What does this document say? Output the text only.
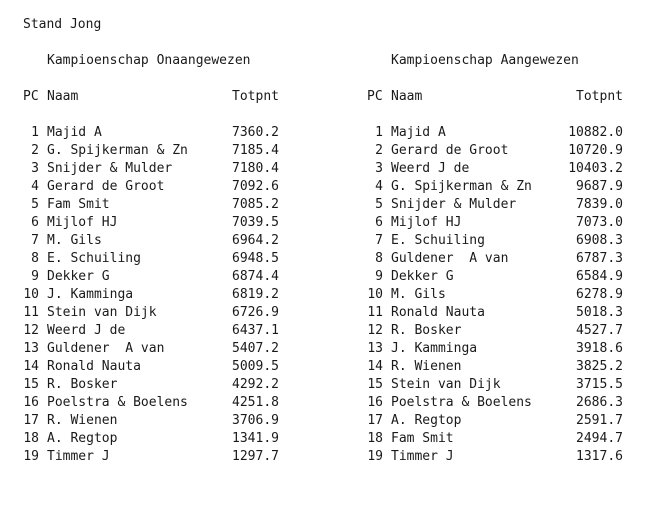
Stand Jong
Kampioenschap Onaangewezen
PC Naam	Totpnt
1 Majid A	7360.2
2 G. Spijkerman & Zn	7185.4
3 Snijder & Mulder	7180.4
4 Gerard de Groot	7092.6
5 Fam Smit	7085.2
6 Mijlof HJ	7039.5
7 M. Gils	6964.2
8 E. Schuiling	6948.5
9 Dekker G	6874.4
10 J. Kamminga	6819.2
11 Stein van Dijk	6726.9
12 Weerd J de	6437.1
13 Guldener  A van	5407.2
14 Ronald Nauta	5009.5
15 R. Bosker	4292.2
16 Poelstra & Boelens	4251.8
17 R. Wienen	3706.9
18 A. Regtop	1341.9
19 Timmer J	1297.7
Kampioenschap Aangewezen
PC Naam	Totpnt
1 Majid A	10882.0
2 Gerard de Groot	10720.9
3 Weerd J de	10403.2
4 G. Spijkerman & Zn	9687.9
5 Snijder & Mulder	7839.0
6 Mijlof HJ	7073.0
7 E. Schuiling	6908.3
8 Guldener  A van	6787.3
9 Dekker G	6584.9
10 M. Gils	6278.9
11 Ronald Nauta	5018.3
12 R. Bosker	4527.7
13 J. Kamminga	3918.6
14 R. Wienen	3825.2
15 Stein van Dijk	3715.5
16 Poelstra & Boelens	2686.3
17 A. Regtop	2591.7
18 Fam Smit	2494.7
19 Timmer J	1317.6
